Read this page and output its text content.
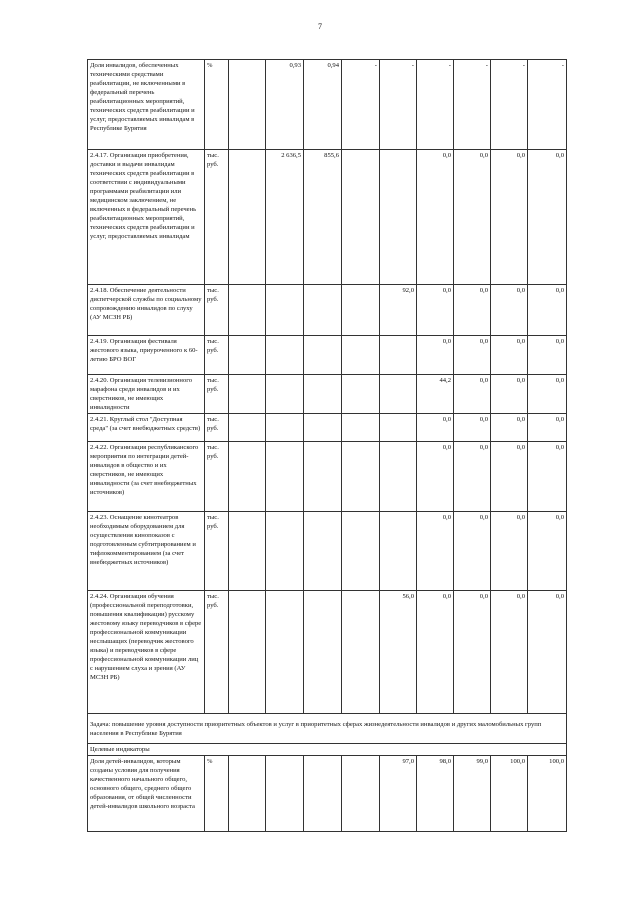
7
Доля инвалидов, обеспеченных техническими средствами реабилитации, не включенными в федеральный перечень реабилитационных мероприятий, технических средств реабилитации и услуг, предоставляемых инвалидам в Республике Бурятия	%		0,93	0,94	-	-	-	-	-	-
2.4.17. Организация приобретения, доставки и выдачи инвалидам технических средств реабилитации в соответствии с индивидуальными программами реабилитации или медицинском заключением, не включенных в федеральный перечень реабилитационных мероприятий, технических средств реабилитации и услуг, предоставляемых инвалидам	тыс. руб.		2 636,5	855,6			0,0	0,0	0,0	0,0
2.4.18. Обеспечение деятельности диспетчерской службы по социальному сопровождению инвалидов по слуху (АУ МСЗН РБ)	тыс. руб.					92,0	0,0	0,0	0,0	0,0
2.4.19. Организация фестиваля жестового языка, приуроченного к 60-летию БРО ВОГ	тыс. руб.						0,0	0,0	0,0	0,0
2.4.20. Организация телевизионного марафона среди инвалидов и их сверстников, не имеющих инвалидности	тыс. руб.						44,2	0,0	0,0	0,0
2.4.21. Круглый стол "Доступная среда" (за счет внебюджетных средств)	тыс. руб.						0,0	0,0	0,0	0,0
2.4.22. Организация республиканского мероприятия по интеграции детей-инвалидов в общество и их сверстников, не имеющих инвалидности (за счет внебюджетных источников)	тыс. руб.						0,0	0,0	0,0	0,0
2.4.23. Оснащение кинотеатров необходимым оборудованием для осуществления кинопоказов с подготовленным субтитрированием и тифлокомментированием (за счет внебюджетных источников)	тыс. руб.						0,0	0,0	0,0	0,0
2.4.24. Организация обучения (профессиональной переподготовки, повышения квалификации) русскому жестовому языку переводчиков в сфере профессиональной коммуникации неслышащих (переводчик жестового языка) и переводчиков в сфере профессиональной коммуникации лиц с нарушением слуха и зрения (АУ МСЗН РБ)	тыс. руб.					56,0	0,0	0,0	0,0	0,0
Задача: повышение уровня доступности приоритетных объектов и услуг в приоритетных сферах жизнедеятельности инвалидов и других маломобильных групп населения в Республике Бурятия										
Целевые индикаторы										
Доля детей-инвалидов, которым созданы условия для получения качественного начального общего, основного общего, среднего общего образования, от общей численности детей-инвалидов школьного возраста	%					97,0	98,0	99,0	100,0	100,0
